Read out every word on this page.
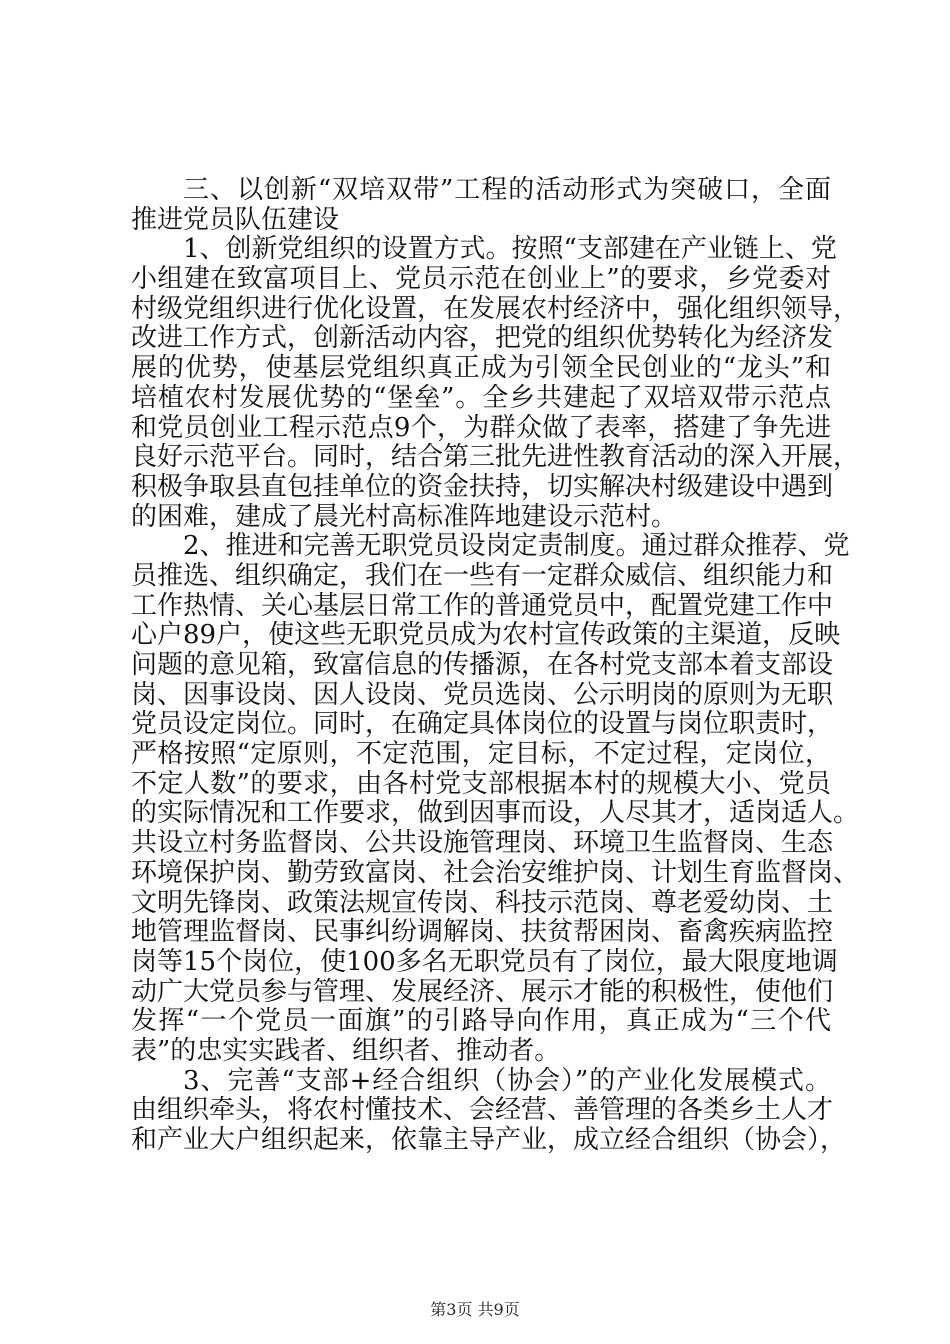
三、以创新“双培双带”工程的活动形式为突破口，全面
推进党员队伍建设
1、创新党组织的设置方式。按照“支部建在产业链上、党
小组建在致富项目上、党员示范在创业上”的要求，乡党委对
村级党组织进行优化设置，在发展农村经济中，强化组织领导，
改进工作方式，创新活动内容，把党的组织优势转化为经济发
展的优势，使基层党组织真正成为引领全民创业的“龙头”和
培植农村发展优势的“堡垒”。全乡共建起了双培双带示范点
和党员创业工程示范点9个，为群众做了表率，搭建了争先进
良好示范平台。同时，结合第三批先进性教育活动的深入开展，
积极争取县直包挂单位的资金扶持，切实解决村级建设中遇到
的困难，建成了晨光村高标准阵地建设示范村。
2、推进和完善无职党员设岗定责制度。通过群众推荐、党
员推选、组织确定，我们在一些有一定群众威信、组织能力和
工作热情、关心基层日常工作的普通党员中，配置党建工作中
心户89户，使这些无职党员成为农村宣传政策的主渠道，反映
问题的意见箱，致富信息的传播源，在各村党支部本着支部设
岗、因事设岗、因人设岗、党员选岗、公示明岗的原则为无职
党员设定岗位。同时，在确定具体岗位的设置与岗位职责时，
严格按照“定原则，不定范围，定目标，不定过程，定岗位，
不定人数”的要求，由各村党支部根据本村的规模大小、党员
的实际情况和工作要求，做到因事而设，人尽其才，适岗适人。
共设立村务监督岗、公共设施管理岗、环境卫生监督岗、生态
环境保护岗、勤劳致富岗、社会治安维护岗、计划生育监督岗、
文明先锋岗、政策法规宣传岗、科技示范岗、尊老爱幼岗、土
地管理监督岗、民事纠纷调解岗、扶贫帮困岗、畜禽疾病监控
岗等15个岗位，使100多名无职党员有了岗位，最大限度地调
动广大党员参与管理、发展经济、展示才能的积极性，使他们
发挥“一个党员一面旗”的引路导向作用，真正成为“三个代
表”的忠实实践者、组织者、推动者。
3、完善“支部+经合组织（协会）”的产业化发展模式。
由组织牵头，将农村懂技术、会经营、善管理的各类乡土人才
和产业大户组织起来，依靠主导产业，成立经合组织（协会），
第3页 共9页
